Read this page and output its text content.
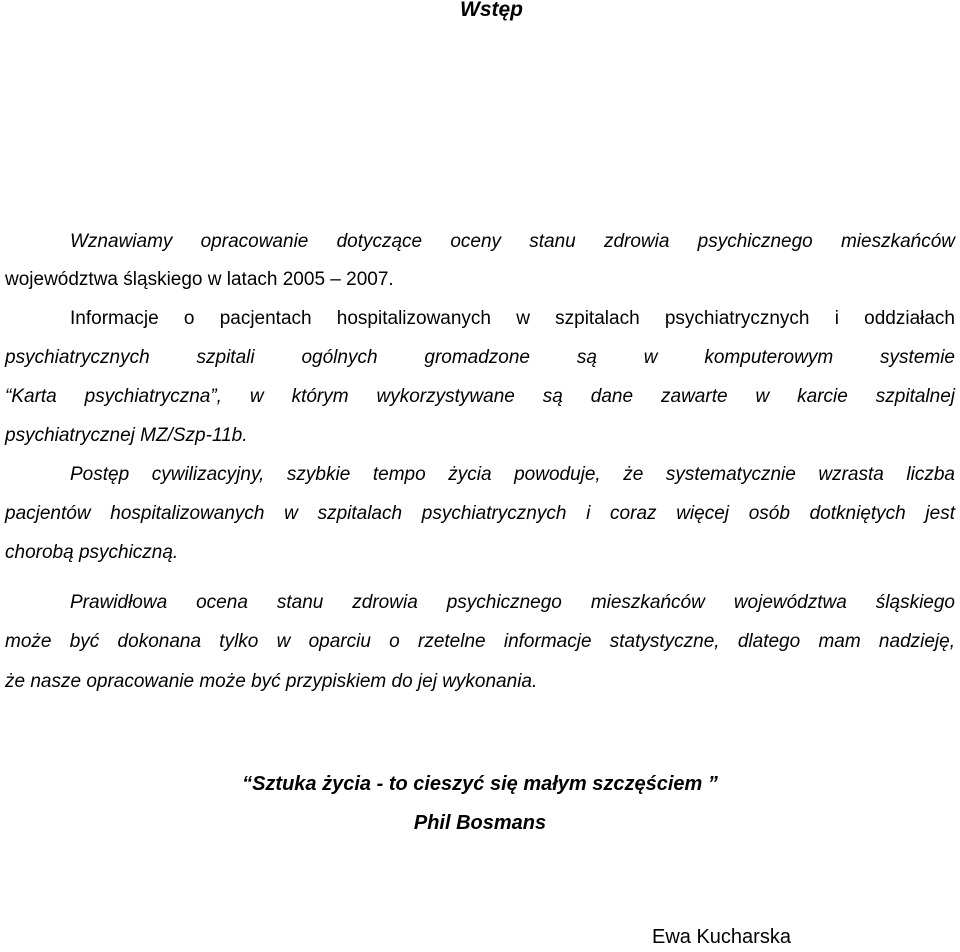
Wstęp
Wznawiamy opracowanie dotyczące oceny stanu zdrowia psychicznego mieszkańców
województwa śląskiego w latach 2005 – 2007.
Informacje o pacjentach hospitalizowanych w szpitalach psychiatrycznych i oddziałach
psychiatrycznych szpitali ogólnych gromadzone są w komputerowym systemie
“Karta psychiatryczna”, w którym wykorzystywane są dane zawarte w karcie szpitalnej
psychiatrycznej MZ/Szp-11b.
Postęp cywilizacyjny, szybkie tempo życia powoduje, że systematycznie wzrasta liczba
pacjentów hospitalizowanych w szpitalach psychiatrycznych i coraz więcej osób dotkniętych jest
chorobą psychiczną.
Prawidłowa ocena stanu zdrowia psychicznego mieszkańców województwa śląskiego
może być dokonana tylko w oparciu o rzetelne informacje statystyczne, dlatego mam nadzieję,
że nasze opracowanie może być przypiskiem do jej wykonania.
“Sztuka życia - to cieszyć się małym szczęściem ”
Phil Bosmans
Ewa Kucharska
